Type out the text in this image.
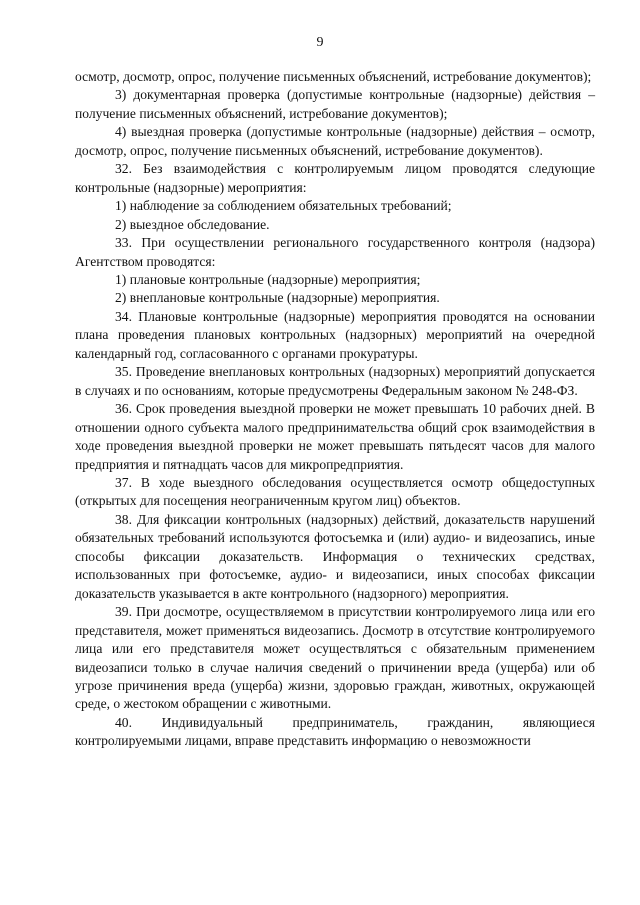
9

осмотр, досмотр, опрос, получение письменных объяснений, истребование документов);

3) документарная проверка (допустимые контрольные (надзорные) действия – получение письменных объяснений, истребование документов);

4) выездная проверка (допустимые контрольные (надзорные) действия – осмотр, досмотр, опрос, получение письменных объяснений, истребование документов).

32. Без взаимодействия с контролируемым лицом проводятся следующие контрольные (надзорные) мероприятия:

1) наблюдение за соблюдением обязательных требований;

2) выездное обследование.

33. При осуществлении регионального государственного контроля (надзора) Агентством проводятся:

1) плановые контрольные (надзорные) мероприятия;

2) внеплановые контрольные (надзорные) мероприятия.

34. Плановые контрольные (надзорные) мероприятия проводятся на основании плана проведения плановых контрольных (надзорных) мероприятий на очередной календарный год, согласованного с органами прокуратуры.

35. Проведение внеплановых контрольных (надзорных) мероприятий допускается в случаях и по основаниям, которые предусмотрены Федеральным законом № 248-ФЗ.

36. Срок проведения выездной проверки не может превышать 10 рабочих дней. В отношении одного субъекта малого предпринимательства общий срок взаимодействия в ходе проведения выездной проверки не может превышать пятьдесят часов для малого предприятия и пятнадцать часов для микропредприятия.

37. В ходе выездного обследования осуществляется осмотр общедоступных (открытых для посещения неограниченным кругом лиц) объектов.

38. Для фиксации контрольных (надзорных) действий, доказательств нарушений обязательных требований используются фотосъемка и (или) аудио- и видеозапись, иные способы фиксации доказательств. Информация о технических средствах, использованных при фотосъемке, аудио- и видеозаписи, иных способах фиксации доказательств указывается в акте контрольного (надзорного) мероприятия.

39. При досмотре, осуществляемом в присутствии контролируемого лица или его представителя, может применяться видеозапись. Досмотр в отсутствие контролируемого лица или его представителя может осуществляться с обязательным применением видеозаписи только в случае наличия сведений о причинении вреда (ущерба) или об угрозе причинения вреда (ущерба) жизни, здоровью граждан, животных, окружающей среде, о жестоком обращении с животными.

40. Индивидуальный предприниматель, гражданин, являющиеся контролируемыми лицами, вправе представить информацию о невозможности
